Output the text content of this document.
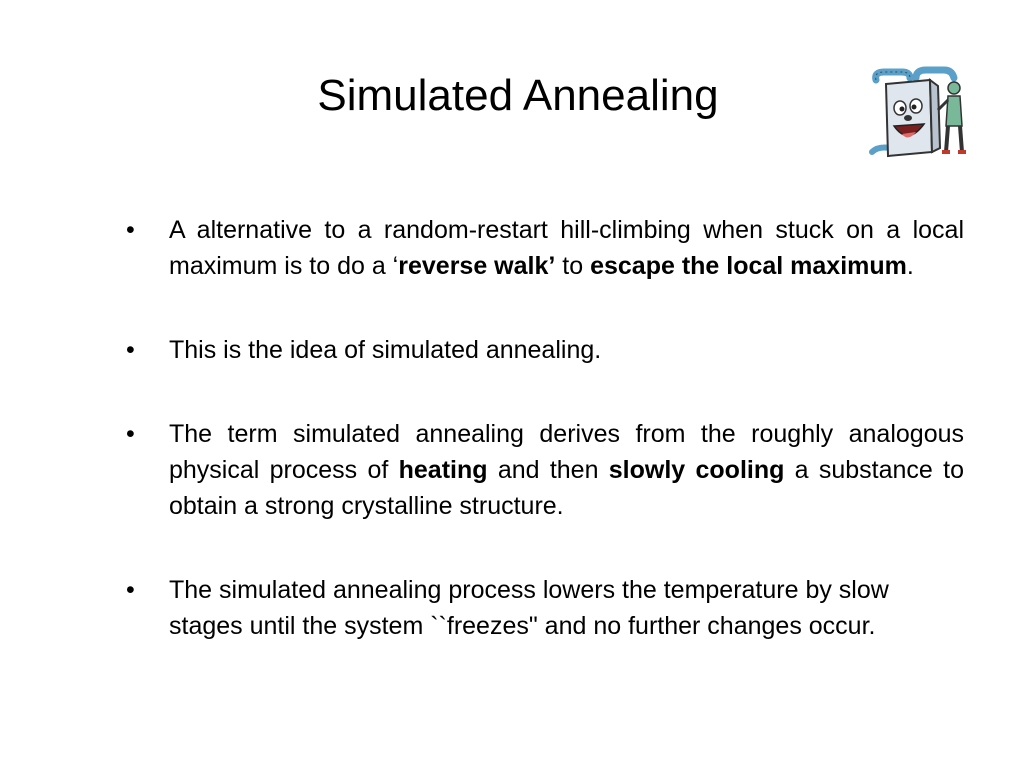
Simulated Annealing
•	A alternative to a random-restart hill-climbing when stuck on a local maximum is to do a ‘reverse walk’ to escape the local maximum.
•	This is the idea of simulated annealing.
•	The term simulated annealing derives from the roughly analogous physical process of heating and then slowly cooling a substance to obtain a strong crystalline structure.
•	The simulated annealing process lowers the temperature by slow stages until the system ``freezes" and no further changes occur.
